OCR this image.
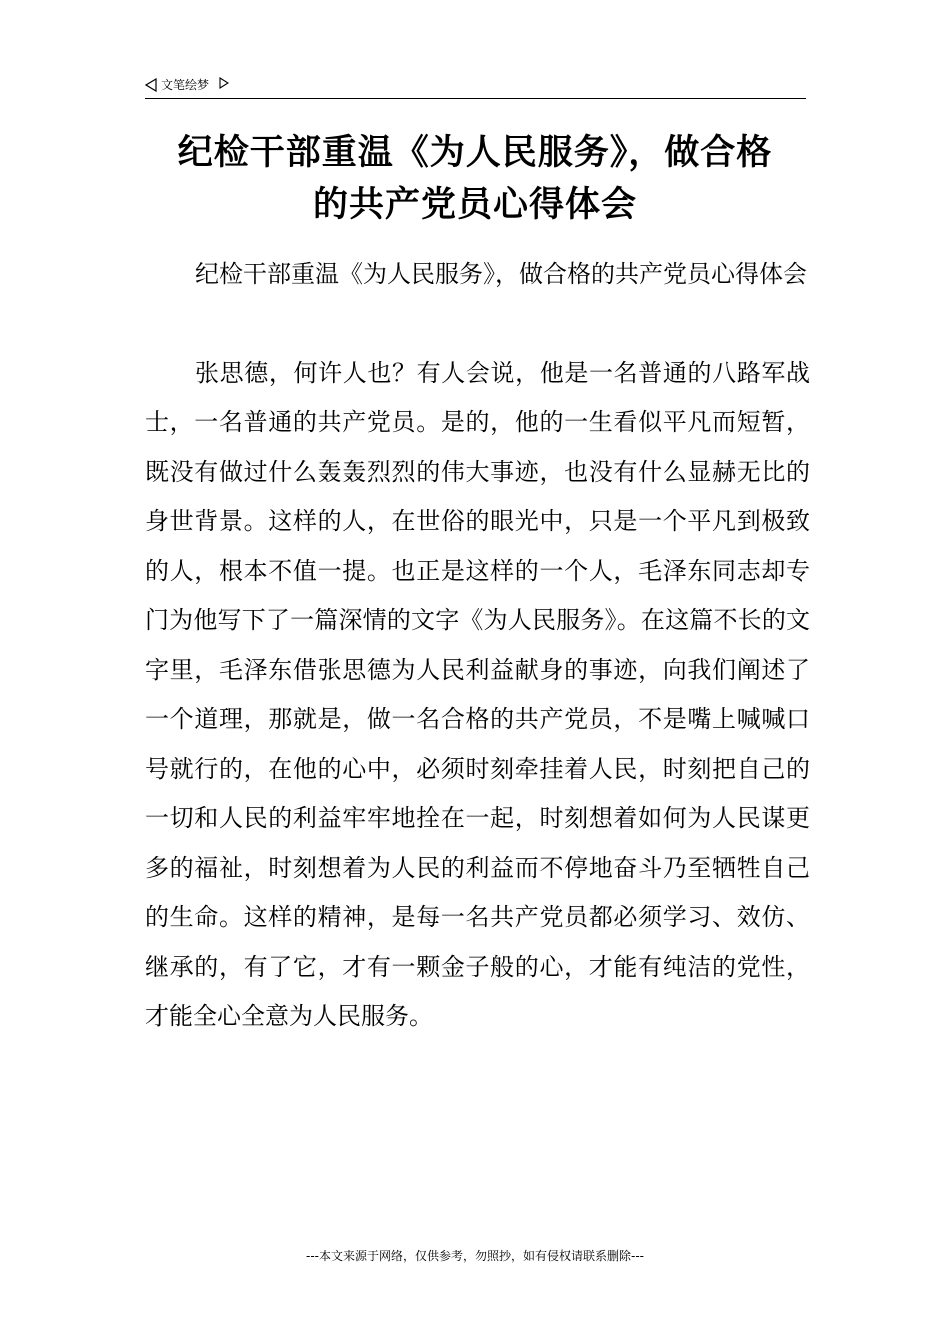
文笔绘梦
纪检干部重温《为人民服务》，做合格
的共产党员心得体会

纪检干部重温《为人民服务》，做合格的共产党员心得体会

张思德，何许人也？有人会说，他是一名普通的八路军战士，一名普通的共产党员。是的，他的一生看似平凡而短暂，既没有做过什么轰轰烈烈的伟大事迹，也没有什么显赫无比的身世背景。这样的人，在世俗的眼光中，只是一个平凡到极致的人，根本不值一提。也正是这样的一个人，毛泽东同志却专门为他写下了一篇深情的文字《为人民服务》。在这篇不长的文字里，毛泽东借张思德为人民利益献身的事迹，向我们阐述了一个道理，那就是，做一名合格的共产党员，不是嘴上喊喊口号就行的，在他的心中，必须时刻牵挂着人民，时刻把自己的一切和人民的利益牢牢地拴在一起，时刻想着如何为人民谋更多的福祉，时刻想着为人民的利益而不停地奋斗乃至牺牲自己的生命。这样的精神，是每一名共产党员都必须学习、效仿、继承的，有了它，才有一颗金子般的心，才能有纯洁的党性，才能全心全意为人民服务。

---本文来源于网络，仅供参考，勿照抄，如有侵权请联系删除---
